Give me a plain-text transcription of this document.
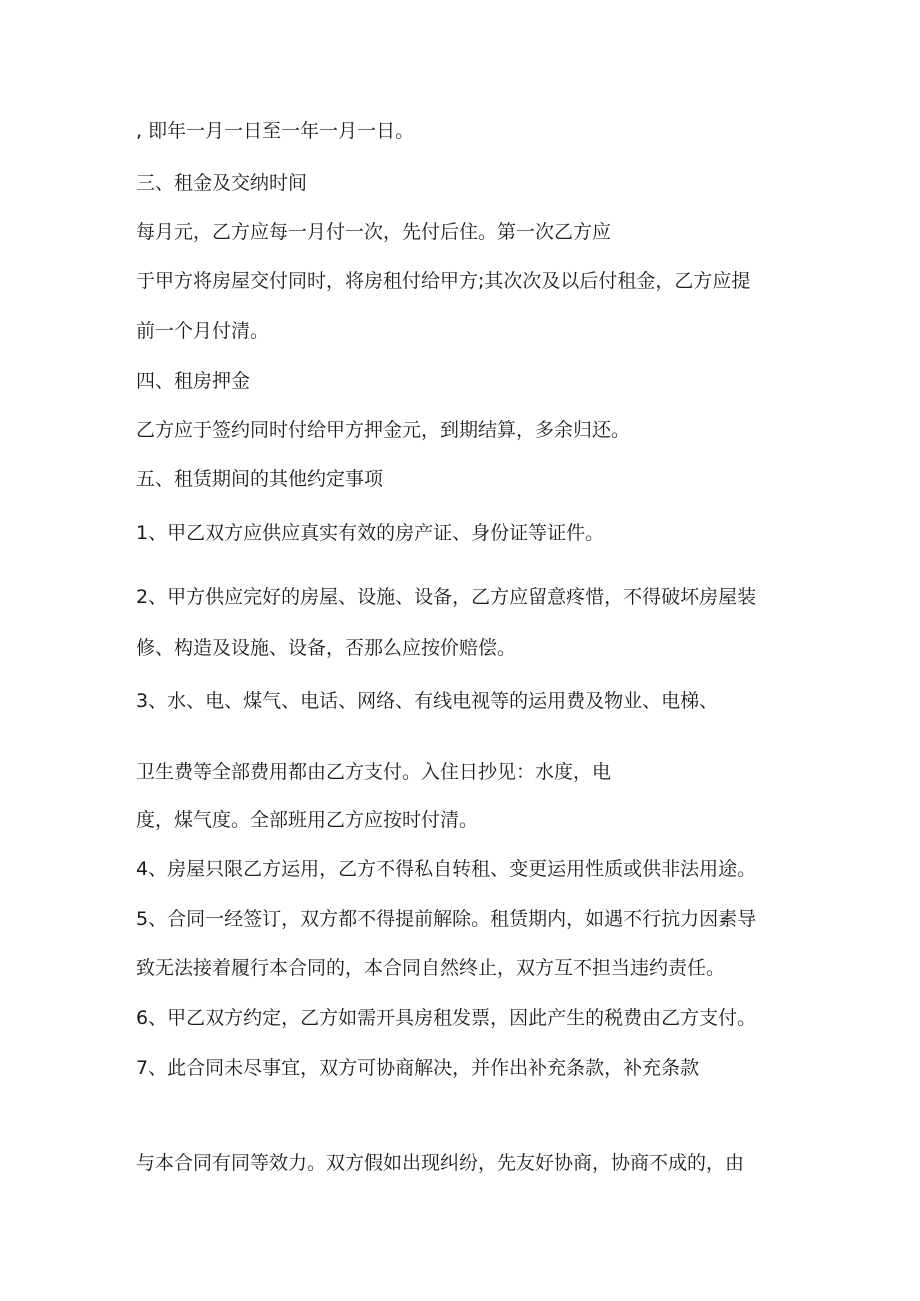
, 即年一月一日至一年一月一日。
三、租金及交纳时间
每月元，乙方应每一月付一次，先付后住。第一次乙方应
于甲方将房屋交付同时，将房租付给甲方;其次次及以后付租金，乙方应提
前一个月付清。
四、租房押金
乙方应于签约同时付给甲方押金元，到期结算，多余归还。
五、租赁期间的其他约定事项
1、甲乙双方应供应真实有效的房产证、身份证等证件。
2、甲方供应完好的房屋、设施、设备，乙方应留意疼惜，不得破坏房屋装
修、构造及设施、设备，否那么应按价赔偿。
3、水、电、煤气、电话、网络、有线电视等的运用费及物业、电梯、
卫生费等全部费用都由乙方支付。入住日抄见：水度，电
度，煤气度。全部班用乙方应按时付清。
4、房屋只限乙方运用，乙方不得私自转租、变更运用性质或供非法用途。
5、合同一经签订，双方都不得提前解除。租赁期内，如遇不行抗力因素导
致无法接着履行本合同的，本合同自然终止，双方互不担当违约责任。
6、甲乙双方约定，乙方如需开具房租发票，因此产生的税费由乙方支付。
7、此合同未尽事宜，双方可协商解决，并作出补充条款，补充条款
与本合同有同等效力。双方假如出现纠纷，先友好协商，协商不成的，由
